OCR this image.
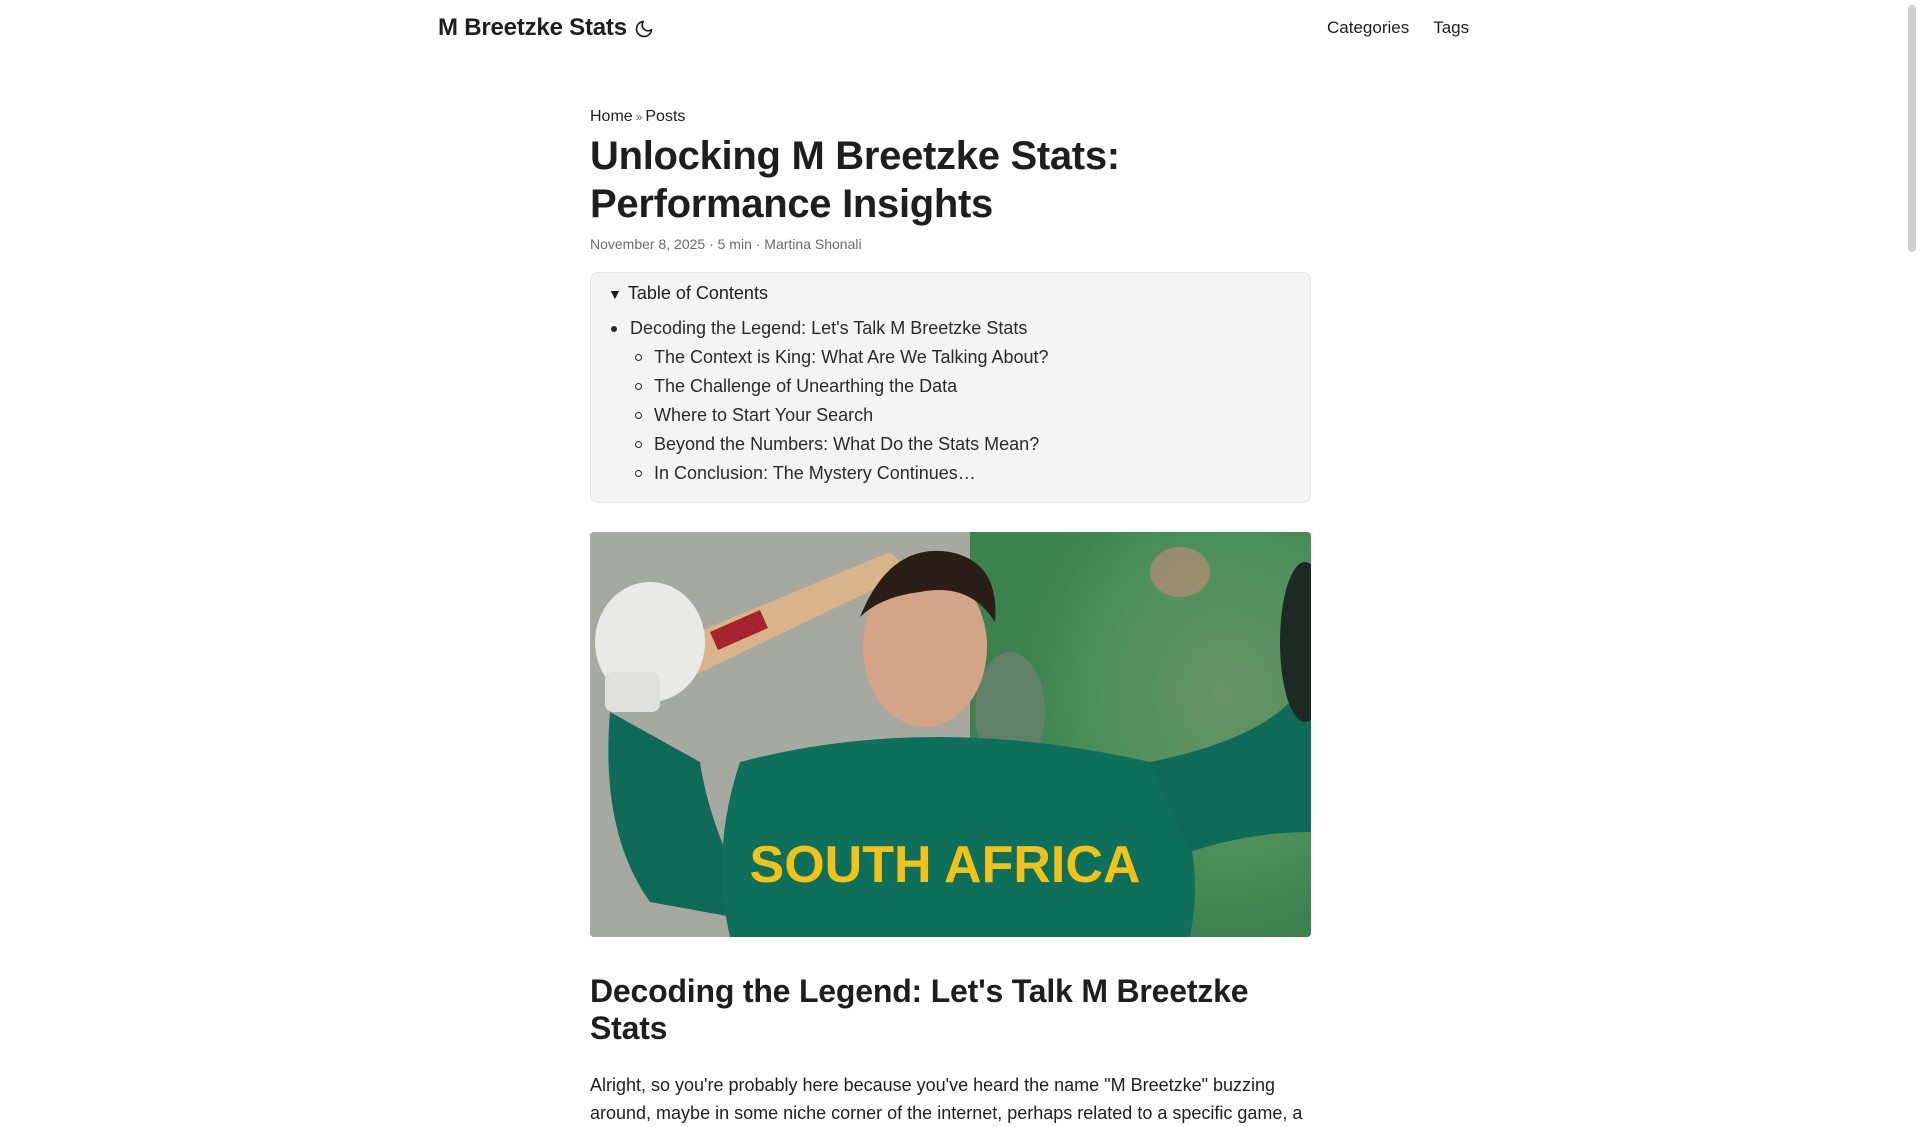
M Breetzke Stats	Categories Tags
Home » Posts
Unlocking M Breetzke Stats: Performance Insights
November 8, 2025 · 5 min · Martina Shonali
▼ Table of Contents
Decoding the Legend: Let's Talk M Breetzke Stats
The Context is King: What Are We Talking About?
The Challenge of Unearthing the Data
Where to Start Your Search
Beyond the Numbers: What Do the Stats Mean?
In Conclusion: The Mystery Continues…
SOUTH AFRICA
Decoding the Legend: Let's Talk M Breetzke Stats

Alright, so you're probably here because you've heard the name "M Breetzke" buzzing around, maybe in some niche corner of the internet, perhaps related to a specific game, a
